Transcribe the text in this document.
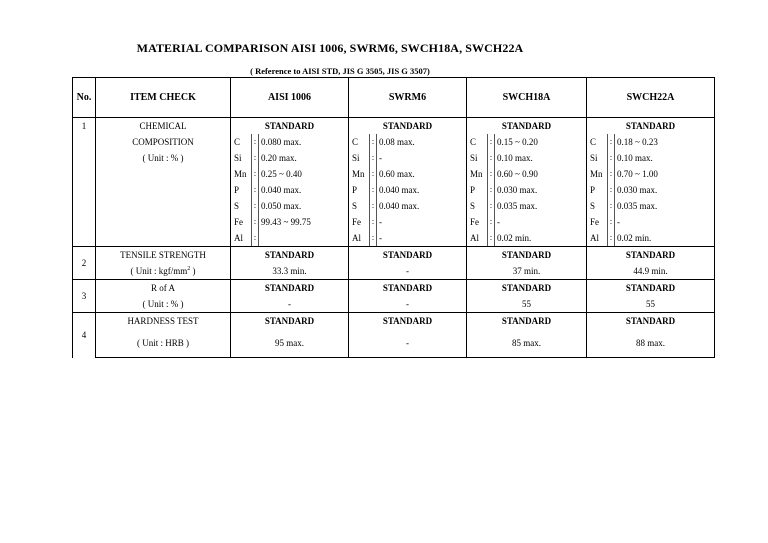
MATERIAL COMPARISON AISI 1006, SWRM6, SWCH18A, SWCH22A
( Reference to AISI STD, JIS G 3505, JIS G 3507)
No.	ITEM CHECK	AISI 1006	SWRM6	SWCH18A	SWCH22A
1	CHEMICAL	STANDARD	STANDARD	STANDARD	STANDARD
	COMPOSITION	C : 0.080 max.	C : 0.08 max.	C : 0.15 ~ 0.20	C : 0.18 ~ 0.23

	( Unit : % )	Si : 0.20 max.	Si : -	Si : 0.10 max.	Si : 0.10 max.

		Mn : 0.25 ~ 0.40	Mn : 0.60 max.	Mn : 0.60 ~ 0.90	Mn : 0.70 ~ 1.00

		P : 0.040 max.	P : 0.040 max.	P : 0.030 max.	P : 0.030 max.

		S : 0.050 max.	S : 0.040 max.	S : 0.035 max.	S : 0.035 max.

		Fe : 99.43 ~ 99.75	Fe : -	Fe : -	Fe : -

		Al :	Al : -	Al : 0.02 min.	Al : 0.02 min.

2	TENSILE STRENGTH	STANDARD	STANDARD	STANDARD	STANDARD
	( Unit : kgf/$mm^2$ )	33.3 min.	-	37 min.	44.9 min.
3	R of A	STANDARD	STANDARD	STANDARD	STANDARD
	( Unit : % )	-	-	55	55
4	HARDNESS TEST	STANDARD	STANDARD	STANDARD	STANDARD
	( Unit : HRB )	95 max.	-	85 max.	88 max.
